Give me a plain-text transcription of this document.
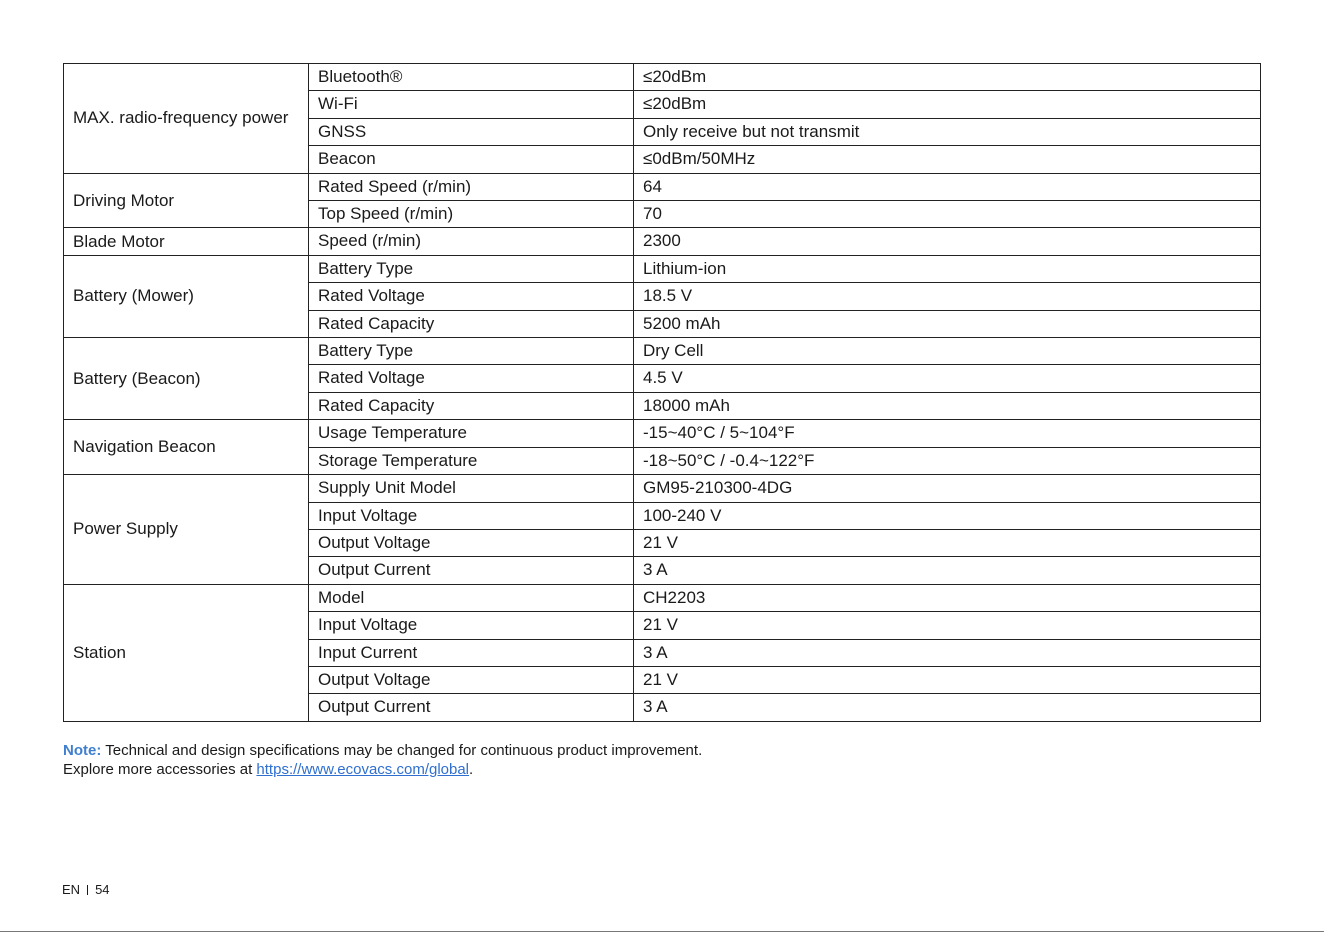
MAX. radio-frequency power	Bluetooth®	≤20dBm
	Wi-Fi	≤20dBm
	GNSS	Only receive but not transmit
	Beacon	≤0dBm/50MHz
Driving Motor	Rated Speed (r/min)	64
	Top Speed (r/min)	70
Blade Motor	Speed (r/min)	2300
Battery (Mower)	Battery Type	Lithium-ion
	Rated Voltage	18.5 V
	Rated Capacity	5200 mAh
Battery (Beacon)	Battery Type	Dry Cell
	Rated Voltage	4.5 V
	Rated Capacity	18000 mAh
Navigation Beacon	Usage Temperature	-15~40°C / 5~104°F
	Storage Temperature	-18~50°C / -0.4~122°F
Power Supply	Supply Unit Model	GM95-210300-4DG
	Input Voltage	100-240 V
	Output Voltage	21 V
	Output Current	3 A
Station	Model	CH2203
	Input Voltage	21 V
	Input Current	3 A
	Output Voltage	21 V
	Output Current	3 A
Note: Technical and design specifications may be changed for continuous product improvement.
Explore more accessories at https://www.ecovacs.com/global.
EN 54
